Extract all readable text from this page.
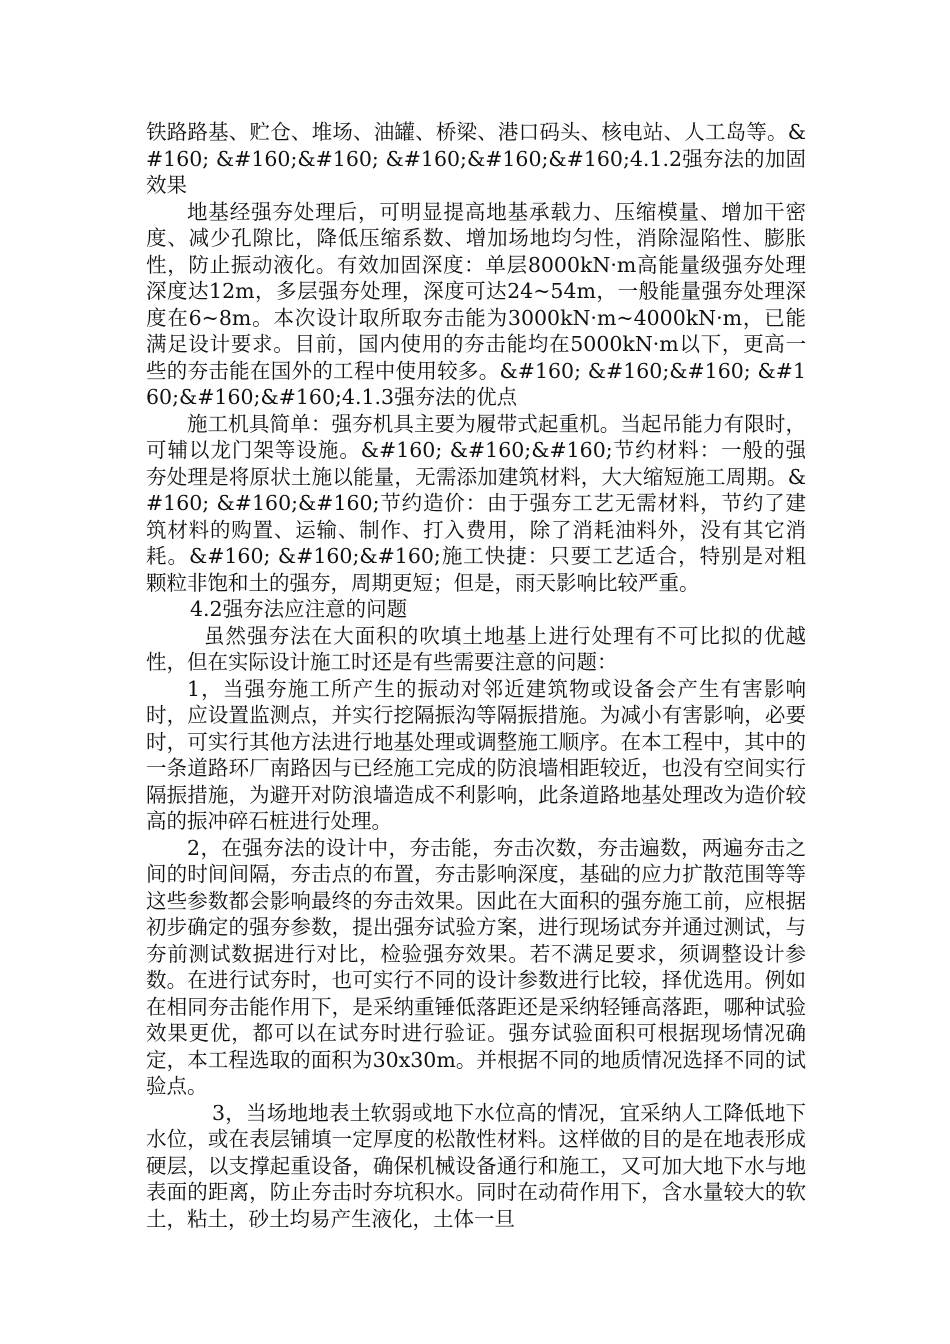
铁路路基、贮仓、堆场、油罐、桥梁、港口码头、核电站、人工岛等。&#160; &#160;&#160; &#160;&#160;&#160;4.1.2强夯法的加固效果

地基经强夯处理后，可明显提高地基承载力、压缩模量、增加干密度、减少孔隙比，降低压缩系数、增加场地均匀性，消除湿陷性、膨胀性，防止振动液化。有效加固深度：单层8000kN·m高能量级强夯处理深度达12m，多层强夯处理，深度可达24~54m，一般能量强夯处理深度在6~8m。本次设计取所取夯击能为3000kN·m~4000kN·m，已能满足设计要求。目前，国内使用的夯击能均在5000kN·m以下，更高一些的夯击能在国外的工程中使用较多。&#160; &#160;&#160; &#160;&#160;&#160;4.1.3强夯法的优点

施工机具简单：强夯机具主要为履带式起重机。当起吊能力有限时，可辅以龙门架等设施。&#160; &#160;&#160;节约材料：一般的强夯处理是将原状土施以能量，无需添加建筑材料，大大缩短施工周期。&#160; &#160;&#160;节约造价：由于强夯工艺无需材料，节约了建筑材料的购置、运输、制作、打入费用，除了消耗油料外，没有其它消耗。&#160; &#160;&#160;施工快捷：只要工艺适合，特别是对粗颗粒非饱和土的强夯，周期更短；但是，雨天影响比较严重。

4.2强夯法应注意的问题

虽然强夯法在大面积的吹填土地基上进行处理有不可比拟的优越性，但在实际设计施工时还是有些需要注意的问题：

1，当强夯施工所产生的振动对邻近建筑物或设备会产生有害影响时，应设置监测点，并实行挖隔振沟等隔振措施。为减小有害影响，必要时，可实行其他方法进行地基处理或调整施工顺序。在本工程中，其中的一条道路环厂南路因与已经施工完成的防浪墙相距较近，也没有空间实行隔振措施，为避开对防浪墙造成不利影响，此条道路地基处理改为造价较高的振冲碎石桩进行处理。

2，在强夯法的设计中，夯击能，夯击次数，夯击遍数，两遍夯击之间的时间间隔，夯击点的布置，夯击影响深度，基础的应力扩散范围等等这些参数都会影响最终的夯击效果。因此在大面积的强夯施工前，应根据初步确定的强夯参数，提出强夯试验方案，进行现场试夯并通过测试，与夯前测试数据进行对比，检验强夯效果。若不满足要求，须调整设计参数。在进行试夯时，也可实行不同的设计参数进行比较，择优选用。例如在相同夯击能作用下，是采纳重锤低落距还是采纳轻锤高落距，哪种试验效果更优，都可以在试夯时进行验证。强夯试验面积可根据现场情况确定，本工程选取的面积为30x30m。并根据不同的地质情况选择不同的试验点。

3，当场地地表土软弱或地下水位高的情况，宜采纳人工降低地下水位，或在表层铺填一定厚度的松散性材料。这样做的目的是在地表形成硬层，以支撑起重设备，确保机械设备通行和施工，又可加大地下水与地表面的距离，防止夯击时夯坑积水。同时在动荷作用下，含水量较大的软土，粘土，砂土均易产生液化，土体一旦
